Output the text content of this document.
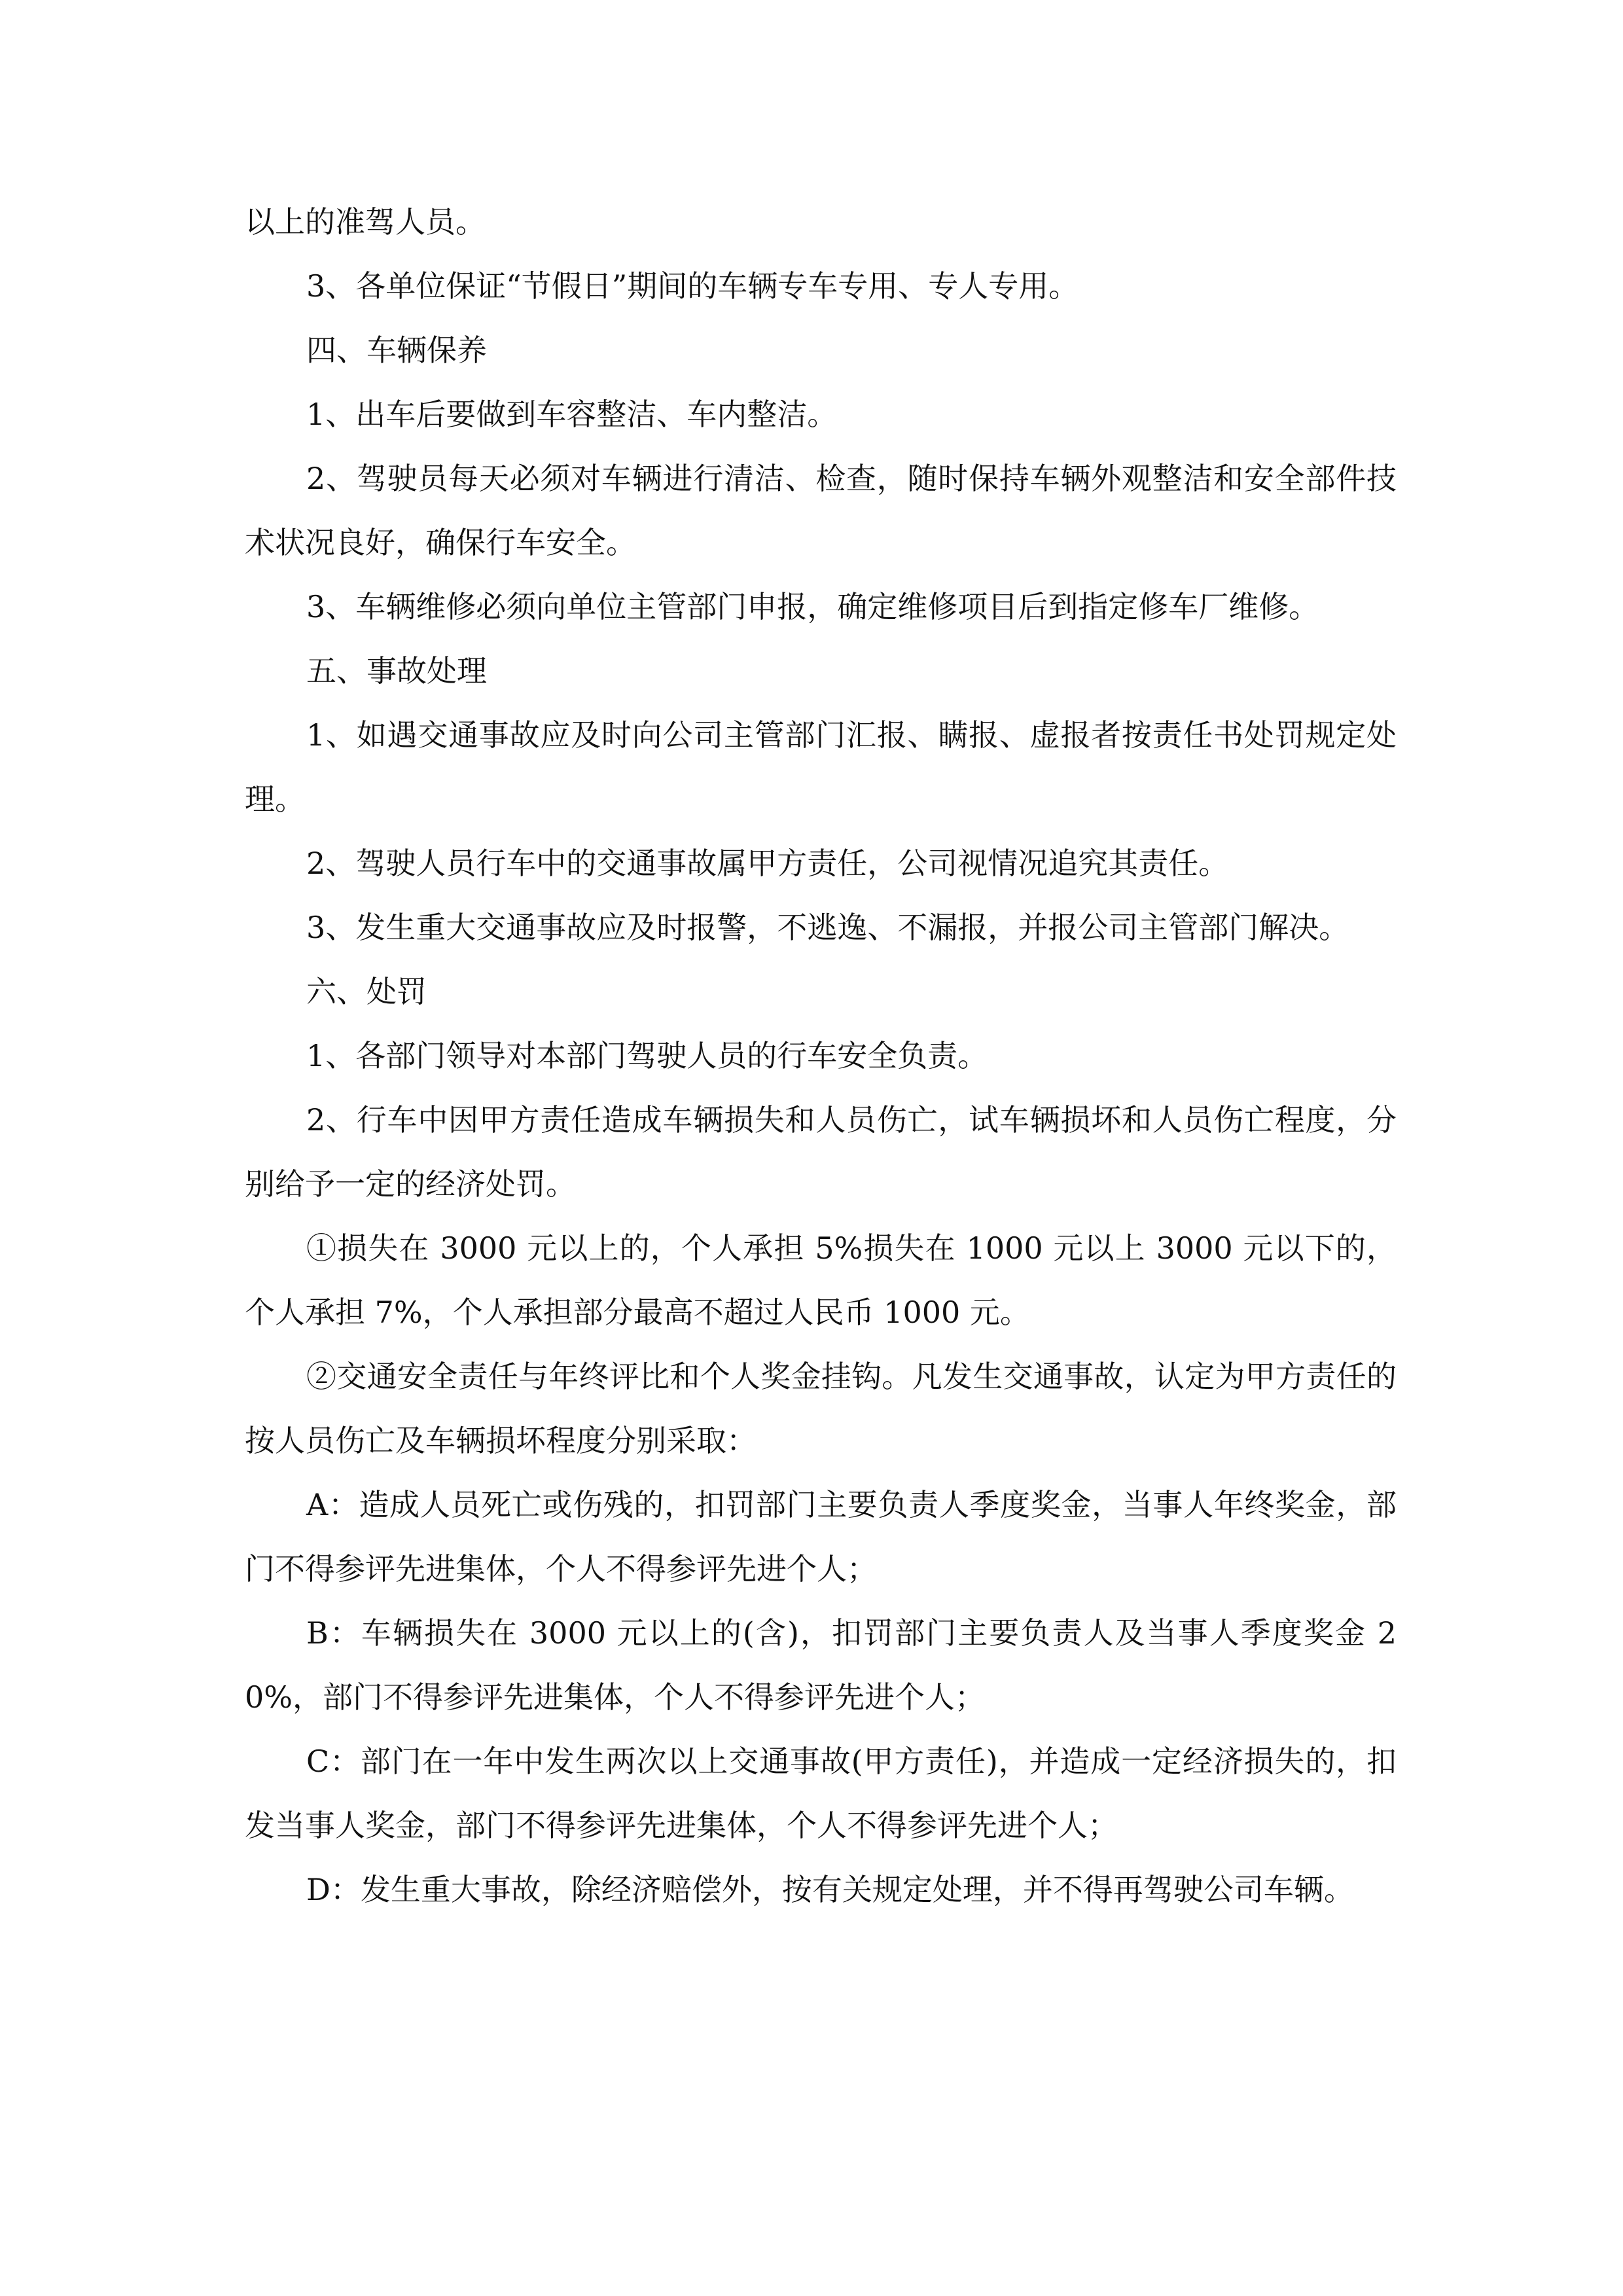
以上的准驾人员。

3、各单位保证“节假日”期间的车辆专车专用、专人专用。

四、车辆保养

1、出车后要做到车容整洁、车内整洁。

2、驾驶员每天必须对车辆进行清洁、检查，随时保持车辆外观整洁和安全部件技术状况良好，确保行车安全。

3、车辆维修必须向单位主管部门申报，确定维修项目后到指定修车厂维修。

五、事故处理

1、如遇交通事故应及时向公司主管部门汇报、瞒报、虚报者按责任书处罚规定处理。

2、驾驶人员行车中的交通事故属甲方责任，公司视情况追究其责任。

3、发生重大交通事故应及时报警，不逃逸、不漏报，并报公司主管部门解决。

六、处罚

1、各部门领导对本部门驾驶人员的行车安全负责。

2、行车中因甲方责任造成车辆损失和人员伤亡，试车辆损坏和人员伤亡程度，分别给予一定的经济处罚。

①损失在 3000 元以上的，个人承担 5%损失在 1000 元以上 3000 元以下的，个人承担 7%，个人承担部分最高不超过人民币 1000 元。

②交通安全责任与年终评比和个人奖金挂钩。凡发生交通事故，认定为甲方责任的按人员伤亡及车辆损坏程度分别采取：

A：造成人员死亡或伤残的，扣罚部门主要负责人季度奖金，当事人年终奖金，部门不得参评先进集体，个人不得参评先进个人；

B：车辆损失在 3000 元以上的(含)，扣罚部门主要负责人及当事人季度奖金 20%，部门不得参评先进集体，个人不得参评先进个人；

C：部门在一年中发生两次以上交通事故(甲方责任)，并造成一定经济损失的，扣发当事人奖金，部门不得参评先进集体，个人不得参评先进个人；

D：发生重大事故，除经济赔偿外，按有关规定处理，并不得再驾驶公司车辆。
